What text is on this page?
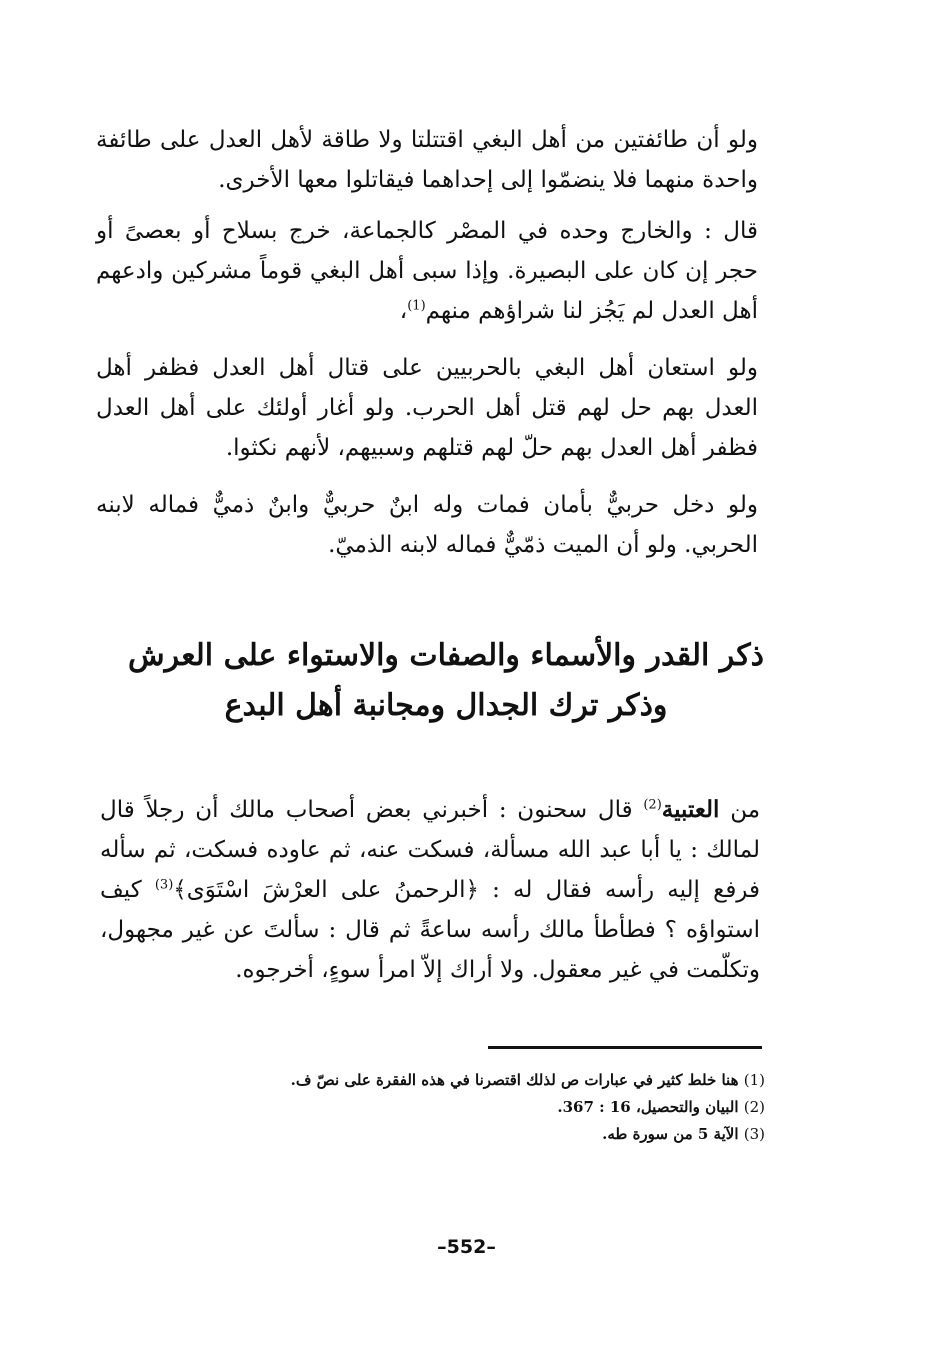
ولو أن طائفتين من أهل البغي اقتتلتا ولا طاقة لأهل العدل على طائفة واحدة منهما فلا ينضمّوا إلى إحداهما فيقاتلوا معها الأخرى.

قال : والخارج وحده في المصْر كالجماعة، خرج بسلاح أو بعصىً أو حجر إن كان على البصيرة. وإذا سبى أهل البغي قوماً مشركين وادعهم أهل العدل لم يَجُز لنا شراؤهم منهم$^{(1)}$،

ولو استعان أهل البغي بالحربيين على قتال أهل العدل فظفر أهل العدل بهم حل لهم قتل أهل الحرب. ولو أغار أولئك على أهل العدل فظفر أهل العدل بهم حلّ لهم قتلهم وسبيهم، لأنهم نكثوا.

ولو دخل حربيٌّ بأمان فمات وله ابنٌ حربيٌّ وابنٌ ذميٌّ فماله لابنه الحربي. ولو أن الميت ذمّيٌّ فماله لابنه الذميّ.

ذكر القدر والأسماء والصفات والاستواء على العرش
وذكر ترك الجدال ومجانبة أهل البدع

من العتبية$^{(2)}$ قال سحنون : أخبرني بعض أصحاب مالك أن رجلاً قال لمالك : يا أبا عبد الله مسألة، فسكت عنه، ثم عاوده فسكت، ثم سأله فرفع إليه رأسه فقال له : ﴿الرحمنُ على العرْشَ اسْتَوَى﴾$^{(3)}$ كيف استواؤه ؟ فطأطأ مالك رأسه ساعةً ثم قال : سألتَ عن غير مجهول، وتكلّمت في غير معقول. ولا أراك إلاّ امرأ سوءٍ، أخرجوه.

(1) هنا خلط كثير في عبارات ص لذلك اقتصرنا في هذه الفقرة على نصّ ف.

(2) البيان والتحصيل، 16 : 367.

(3) الآية 5 من سورة طه.

–552–
